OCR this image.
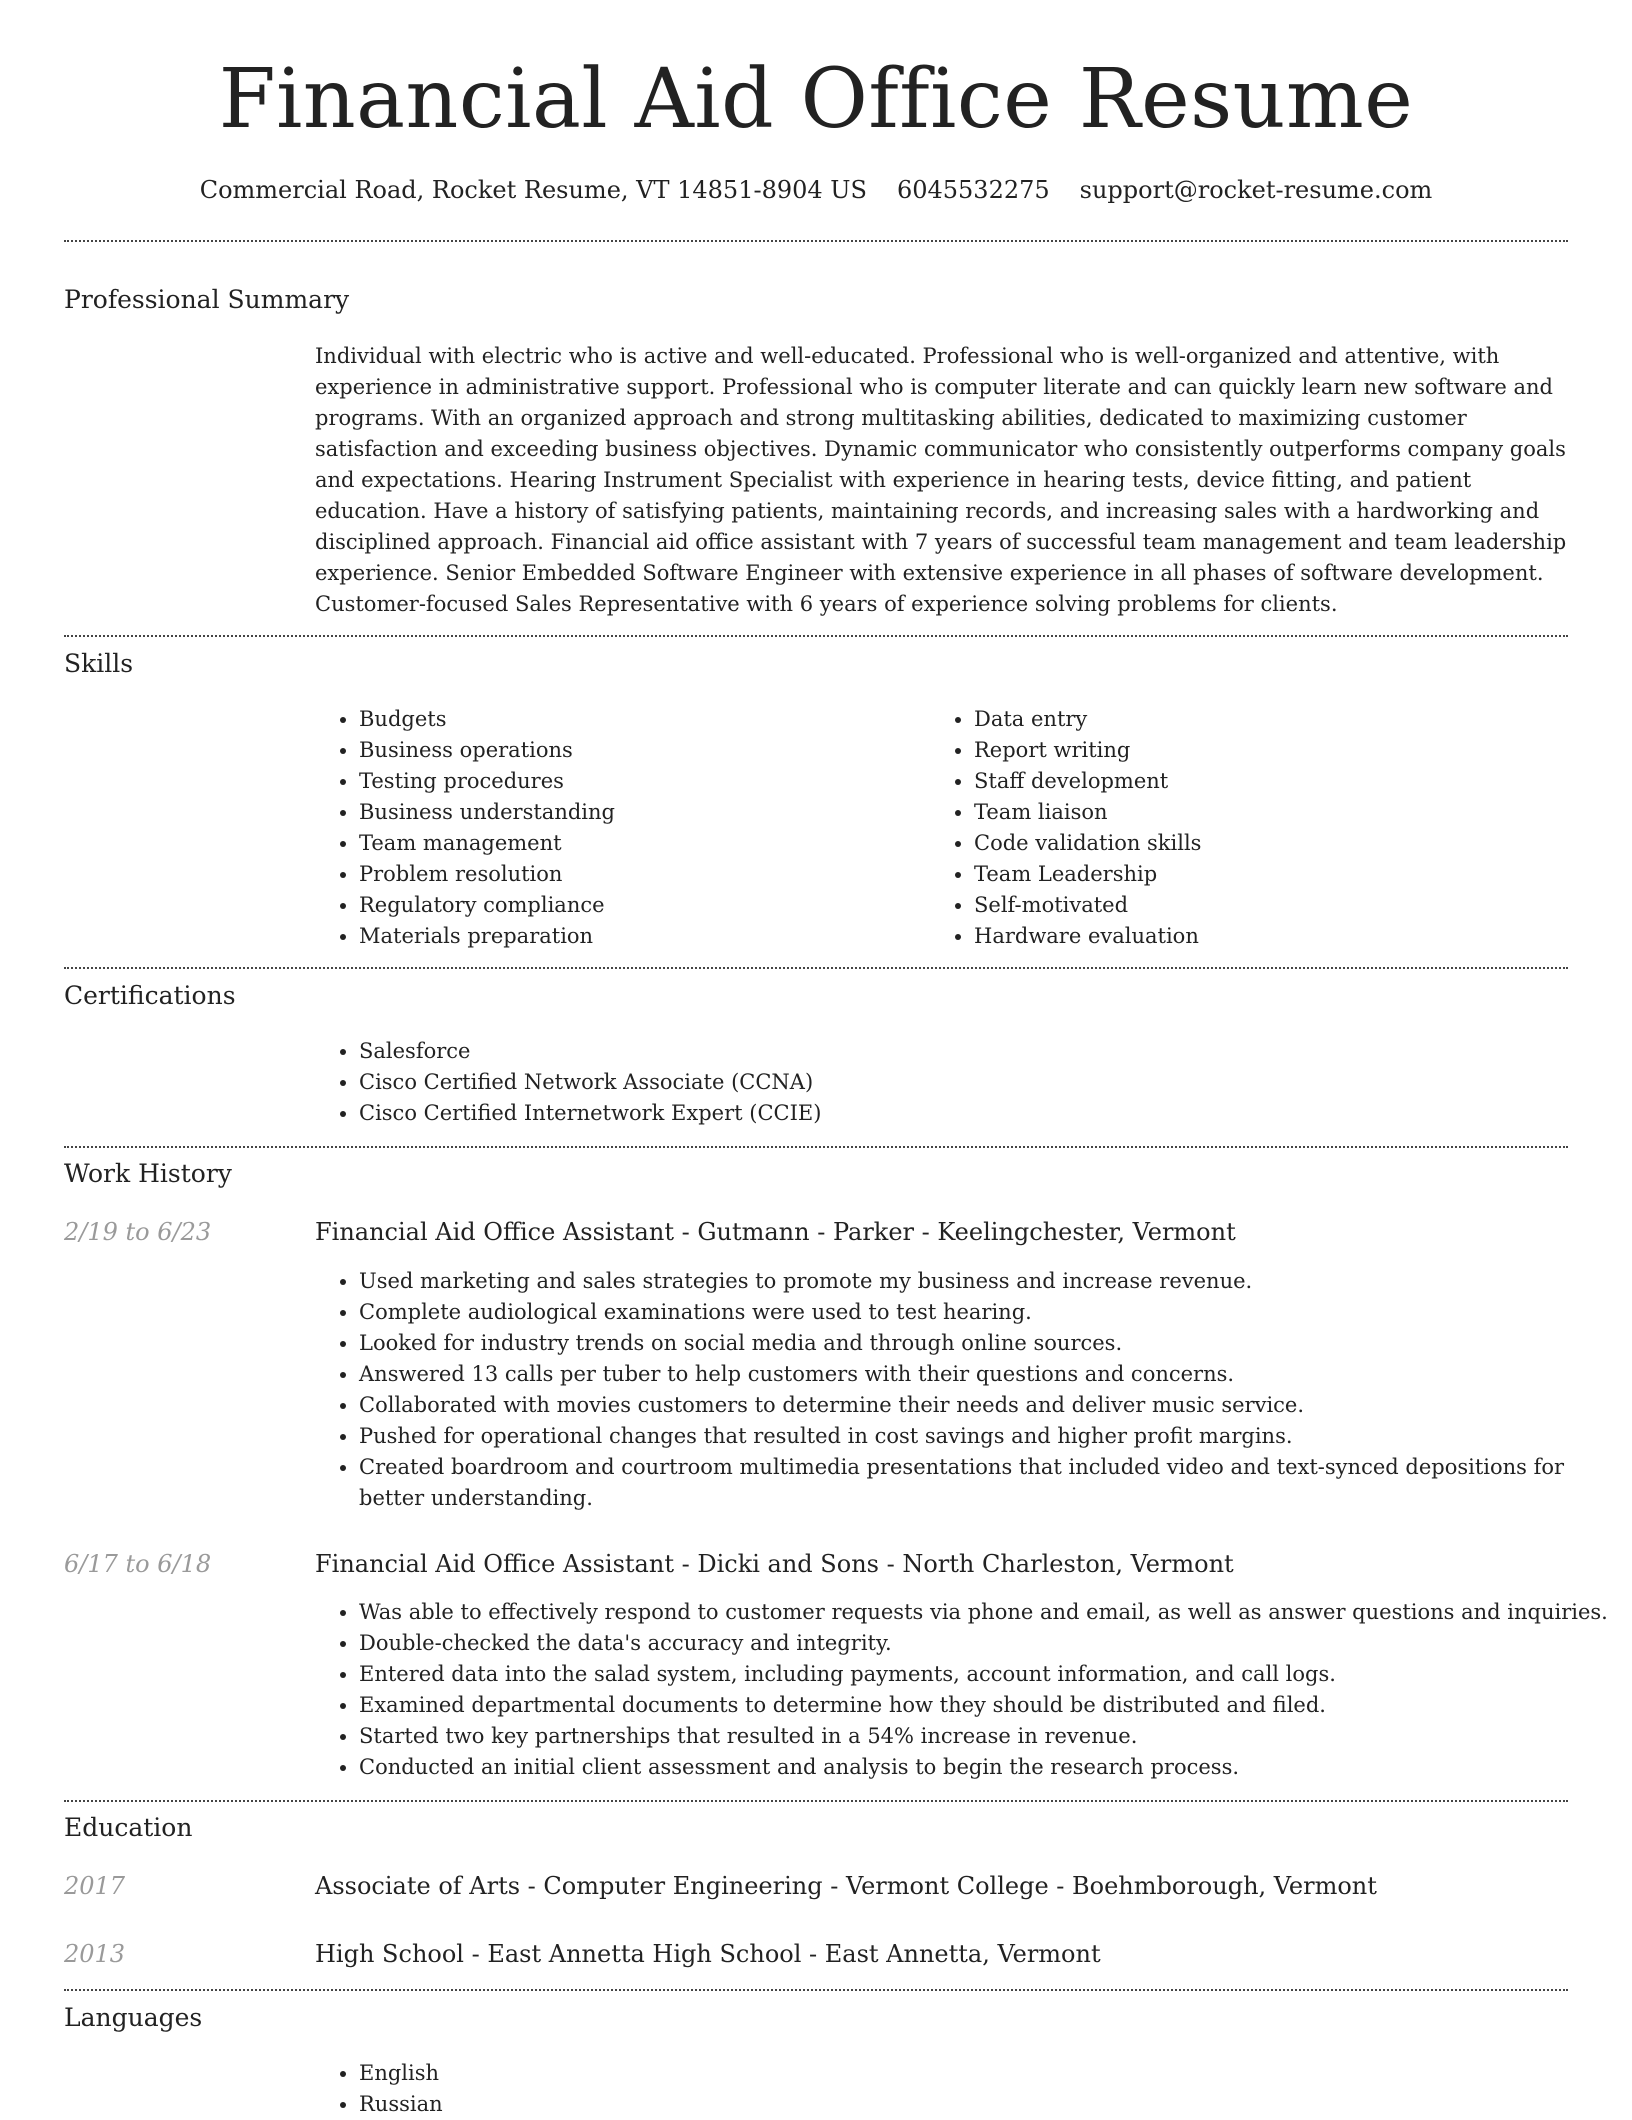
Financial Aid Office Resume
Commercial Road, Rocket Resume, VT 14851-8904 US 6045532275 support@rocket-resume.com
Professional Summary

Individual with electric who is active and well-educated. Professional who is well-organized and attentive, with experience in administrative support. Professional who is computer literate and can quickly learn new software and programs. With an organized approach and strong multitasking abilities, dedicated to maximizing customer satisfaction and exceeding business objectives. Dynamic communicator who consistently outperforms company goals and expectations. Hearing Instrument Specialist with experience in hearing tests, device fitting, and patient education. Have a history of satisfying patients, maintaining records, and increasing sales with a hardworking and disciplined approach. Financial aid office assistant with 7 years of successful team management and team leadership experience. Senior Embedded Software Engineer with extensive experience in all phases of software development. Customer-focused Sales Representative with 6 years of experience solving problems for clients.

Skills
• Budgets
• Business operations
• Testing procedures
• Business understanding
• Team management
• Problem resolution
• Regulatory compliance
• Materials preparation
• Data entry
• Report writing
• Staff development
• Team liaison
• Code validation skills
• Team Leadership
• Self-motivated
• Hardware evaluation
Certifications
• Salesforce
• Cisco Certified Network Associate (CCNA)
• Cisco Certified Internetwork Expert (CCIE)
Work History
2/19 to 6/23	Financial Aid Office Assistant - Gutmann - Parker - Keelingchester, Vermont
• Used marketing and sales strategies to promote my business and increase revenue.
• Complete audiological examinations were used to test hearing.
• Looked for industry trends on social media and through online sources.
• Answered 13 calls per tuber to help customers with their questions and concerns.
• Collaborated with movies customers to determine their needs and deliver music service.
• Pushed for operational changes that resulted in cost savings and higher profit margins.
• Created boardroom and courtroom multimedia presentations that included video and text-synced depositions for better understanding.
6/17 to 6/18	Financial Aid Office Assistant - Dicki and Sons - North Charleston, Vermont
• Was able to effectively respond to customer requests via phone and email, as well as answer questions and inquiries.
• Double-checked the data's accuracy and integrity.
• Entered data into the salad system, including payments, account information, and call logs.
• Examined departmental documents to determine how they should be distributed and filed.
• Started two key partnerships that resulted in a 54% increase in revenue.
• Conducted an initial client assessment and analysis to begin the research process.
Education
2017	Associate of Arts - Computer Engineering - Vermont College - Boehmborough, Vermont
2013	High School - East Annetta High School - East Annetta, Vermont
Languages
• English
• Russian
